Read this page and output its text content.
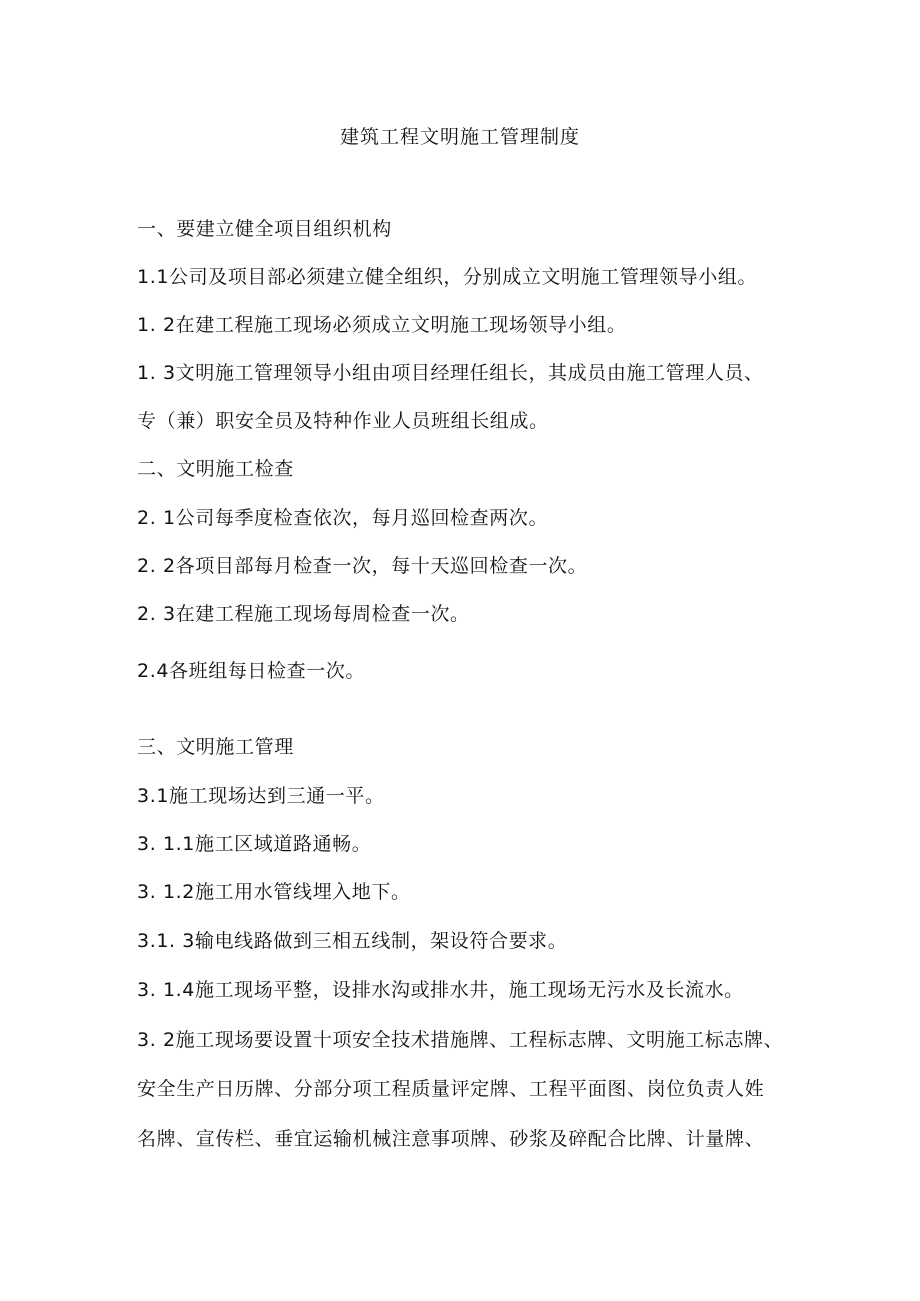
建筑工程文明施工管理制度
一、要建立健全项目组织机构
1.1公司及项目部必须建立健全组织，分别成立文明施工管理领导小组。
1. 2在建工程施工现场必须成立文明施工现场领导小组。
1. 3文明施工管理领导小组由项目经理任组长，其成员由施工管理人员、
专（兼）职安全员及特种作业人员班组长组成。
二、文明施工检查
2. 1公司每季度检查依次，每月巡回检查两次。
2. 2各项目部每月检查一次，每十天巡回检查一次。
2. 3在建工程施工现场每周检查一次。
2.4各班组每日检查一次。
三、文明施工管理
3.1施工现场达到三通一平。
3. 1.1施工区域道路通畅。
3. 1.2施工用水管线埋入地下。
3.1. 3输电线路做到三相五线制，架设符合要求。
3. 1.4施工现场平整，设排水沟或排水井，施工现场无污水及长流水。
3. 2施工现场要设置十项安全技术措施牌、工程标志牌、文明施工标志牌、
安全生产日历牌、分部分项工程质量评定牌、工程平面图、岗位负责人姓
名牌、宣传栏、垂宜运输机械注意事项牌、砂浆及碎配合比牌、计量牌、
